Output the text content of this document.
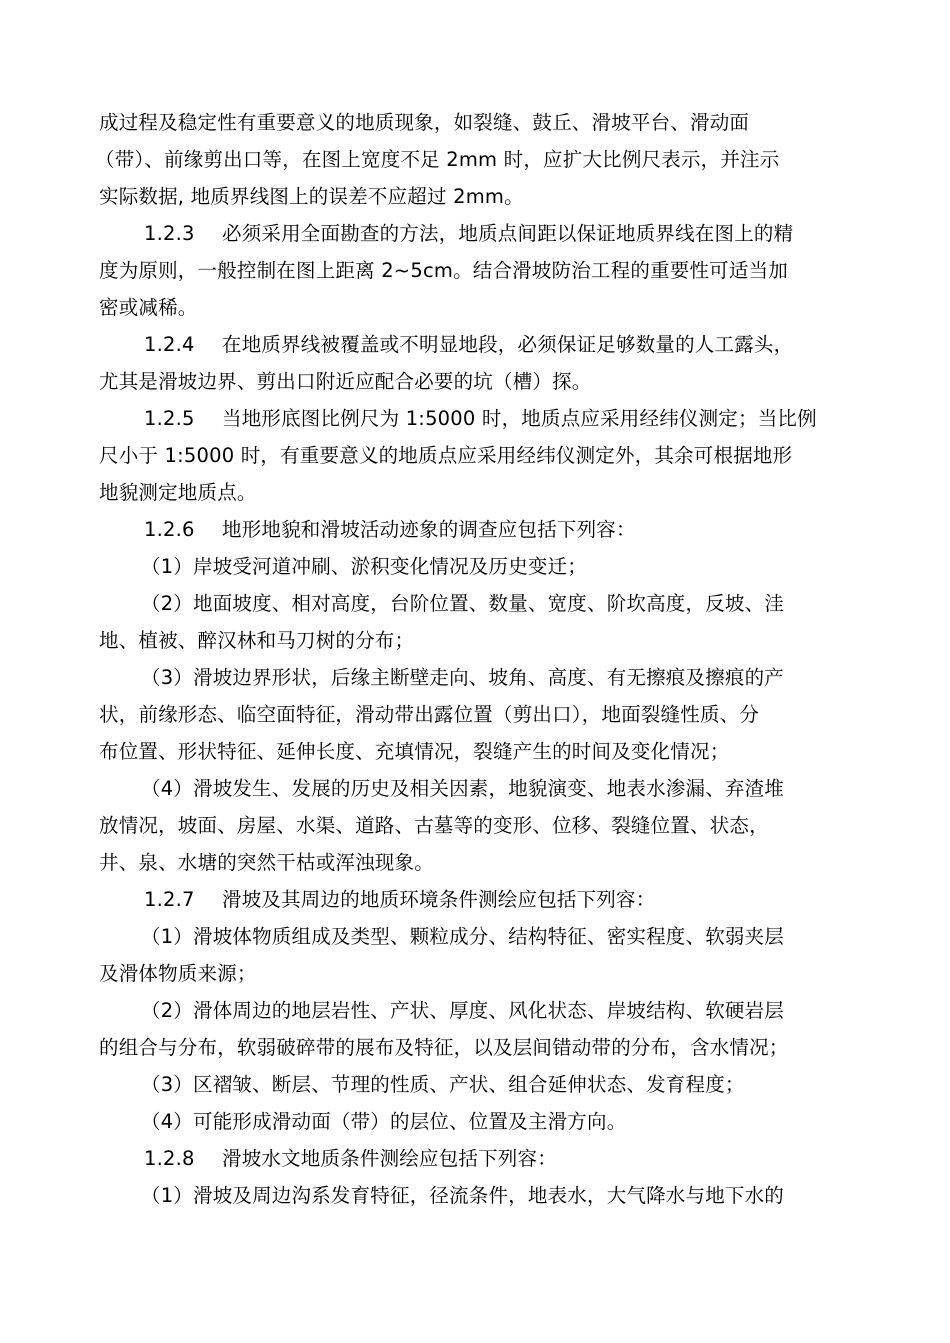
成过程及稳定性有重要意义的地质现象，如裂缝、鼓丘、滑坡平台、滑动面
（带）、前缘剪出口等，在图上宽度不足 2mm 时，应扩大比例尺表示，并注示
实际数据, 地质界线图上的误差不应超过 2mm。
1.2.3 必须采用全面勘查的方法，地质点间距以保证地质界线在图上的精
度为原则，一般控制在图上距离 2~5cm。结合滑坡防治工程的重要性可适当加
密或减稀。
1.2.4 在地质界线被覆盖或不明显地段，必须保证足够数量的人工露头，
尤其是滑坡边界、剪出口附近应配合必要的坑（槽）探。
1.2.5 当地形底图比例尺为 1:5000 时，地质点应采用经纬仪测定；当比例
尺小于 1:5000 时，有重要意义的地质点应采用经纬仪测定外，其余可根据地形
地貌测定地质点。
1.2.6 地形地貌和滑坡活动迹象的调查应包括下列容：
（1）岸坡受河道冲刷、淤积变化情况及历史变迁；
（2）地面坡度、相对高度，台阶位置、数量、宽度、阶坎高度，反坡、洼
地、植被、醉汉林和马刀树的分布；
（3）滑坡边界形状，后缘主断壁走向、坡角、高度、有无擦痕及擦痕的产
状，前缘形态、临空面特征，滑动带出露位置（剪出口），地面裂缝性质、分
布位置、形状特征、延伸长度、充填情况，裂缝产生的时间及变化情况；
（4）滑坡发生、发展的历史及相关因素，地貌演变、地表水渗漏、弃渣堆
放情况，坡面、房屋、水渠、道路、古墓等的变形、位移、裂缝位置、状态，
井、泉、水塘的突然干枯或浑浊现象。
1.2.7 滑坡及其周边的地质环境条件测绘应包括下列容：
（1）滑坡体物质组成及类型、颗粒成分、结构特征、密实程度、软弱夹层
及滑体物质来源；
（2）滑体周边的地层岩性、产状、厚度、风化状态、岸坡结构、软硬岩层
的组合与分布，软弱破碎带的展布及特征，以及层间错动带的分布，含水情况；
（3）区褶皱、断层、节理的性质、产状、组合延伸状态、发育程度；
（4）可能形成滑动面（带）的层位、位置及主滑方向。
1.2.8 滑坡水文地质条件测绘应包括下列容：
（1）滑坡及周边沟系发育特征，径流条件，地表水，大气降水与地下水的
